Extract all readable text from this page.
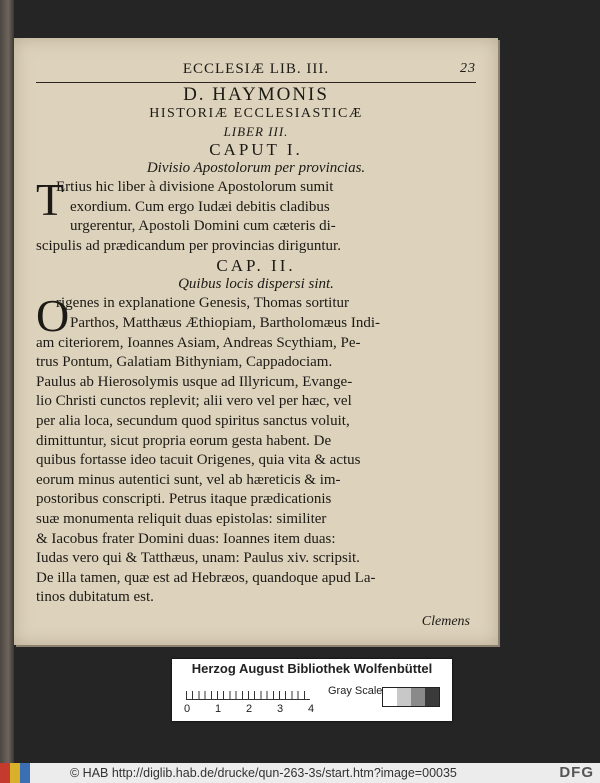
ECCLESIÆ LIB. III.	23
D. HAYMONIS
HISTORIÆ ECCLESIASTICÆ
LIBER III.
CAPUT I.
Divisio Apostolorum per provincias.
T
Ertius hic liber à divisione Apostolorum sumit
exordium. Cum ergo Iudæi debitis cladibus
urgerentur, Apostoli Domini cum cæteris di-
scipulis ad prædicandum per provincias diriguntur.
CAP. II.
Quibus locis dispersi sint.
O
rigenes in explanatione Genesis, Thomas sortitur
Parthos, Matthæus Æthiopiam, Bartholomæus Indi-
am citeriorem, Ioannes Asiam, Andreas Scythiam, Pe-
trus Pontum, Galatiam Bithyniam, Cappadociam.
Paulus ab Hierosolymis usque ad Illyricum, Evange-
lio Christi cunctos replevit; alii vero vel per hæc, vel
per alia loca, secundum quod spiritus sanctus voluit,
dimittuntur, sicut propria eorum gesta habent. De
quibus fortasse ideo tacuit Origenes, quia vita & actus
eorum minus autentici sunt, vel ab hæreticis & im-
postoribus conscripti. Petrus itaque prædicationis
suæ monumenta reliquit duas epistolas: similiter
& Iacobus frater Domini duas: Ioannes item duas:
Iudas vero qui & Tatthæus, unam: Paulus xiv. scripsit.
De illa tamen, quæ est ad Hebræos, quandoque apud La-
tinos dubitatum est.
Clemens
Herzog August Bibliothek Wolfenbüttel
0 1 2 3 4
Gray Scale
© HAB http://diglib.hab.de/drucke/qun-263-3s/start.htm?image=00035	DFG
